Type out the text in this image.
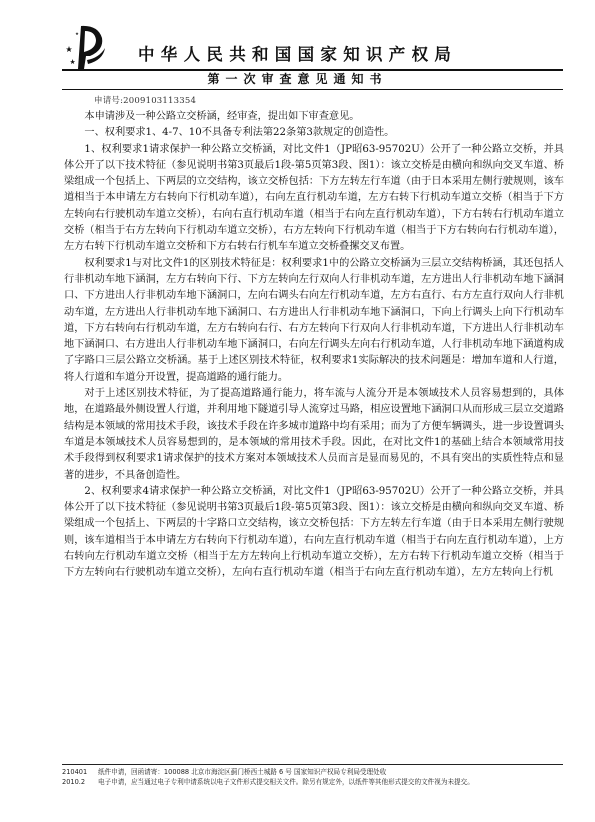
中华人民共和国国家知识产权局
第一次审查意见通知书
申请号:2009103113354

本申请涉及一种公路立交桥涵，经审查，提出如下审查意见。

一、权利要求1、4-7、10不具备专利法第22条第3款规定的创造性。

1、权利要求1请求保护一种公路立交桥涵，对比文件1（JP昭63-95702U）公开了一种公路立交桥，并具体公开了以下技术特征（参见说明书第3页最后1段-第5页第3段、图1）：该立交桥是由横向和纵向交叉车道、桥梁组成一个包括上、下两层的立交结构，该立交桥包括：下方左转左行车道（由于日本采用左侧行驶规则，该车道相当于本申请左方右转向下行机动车道），右向左直行机动车道，左方右转下行机动车道立交桥（相当于下方左转向右行驶机动车道立交桥），右向右直行机动车道（相当于右向左直行机动车道），下方右转右行机动车道立交桥（相当于右方左转向下行机动车道立交桥），右方左转向下行机动车道（相当于下方右转向右行机动车道），左方右转下行机动车道立交桥和下方右转右行机车车道立交桥叠摞交叉布置。

权利要求1与对比文件1的区别技术特征是：权利要求1中的公路立交桥涵为三层立交结构桥涵，其还包括人行非机动车地下涵洞，左方右转向下行、下方左转向左行双向人行非机动车道，左方进出人行非机动车地下涵洞口、下方进出人行非机动车地下涵洞口，左向右调头右向左行机动车道，左方右直行、右方左直行双向人行非机动车道，左方进出人行非机动车地下涵洞口、右方进出人行非机动车地下涵洞口，下向上行调头上向下行机动车道，下方右转向右行机动车道，左方右转向右行、右方左转向下行双向人行非机动车道，下方进出人行非机动车地下涵洞口、右方进出人行非机动车地下涵洞口，右向左行调头左向右行机动车道，人行非机动车地下涵道构成了字路口三层公路立交桥涵。基于上述区别技术特征，权利要求1实际解决的技术问题是：增加车道和人行道，将人行道和车道分开设置，提高道路的通行能力。

对于上述区别技术特征，为了提高道路通行能力，将车流与人流分开是本领域技术人员容易想到的，具体地，在道路最外侧设置人行道，并利用地下隧道引导人流穿过马路，相应设置地下涵洞口从而形成三层立交道路结构是本领域的常用技术手段，该技术手段在许多城市道路中均有采用；而为了方便车辆调头，进一步设置调头车道是本领域技术人员容易想到的，是本领域的常用技术手段。因此，在对比文件1的基础上结合本领域常用技术手段得到权利要求1请求保护的技术方案对本领域技术人员而言是显而易见的，不具有突出的实质性特点和显著的进步，不具备创造性。

2、权利要求4请求保护一种公路立交桥涵，对比文件1（JP昭63-95702U）公开了一种公路立交桥，并具体公开了以下技术特征（参见说明书第3页最后1段-第5页第3段、图1）：该立交桥是由横向和纵向交叉车道、桥梁组成一个包括上、下两层的十字路口立交结构，该立交桥包括：下方左转左行车道（由于日本采用左侧行驶规则，该车道相当于本申请左方右转向下行机动车道），右向左直行机动车道（相当于右向左直行机动车道），上方右转向左行机动车道立交桥（相当于左方左转向上行机动车道立交桥），左方右转下行机动车道立交桥（相当于下方左转向右行驶机动车道立交桥），左向右直行机动车道（相当于右向左直行机动车道），左方左转向上行机

210401	纸件申请，回函请寄：100088 北京市海淀区蓟门桥西土城路 6 号 国家知识产权局专利局受理处收
2010.2	电子申请，应当通过电子专利申请系统以电子文件形式提交相关文件。除另有规定外，以纸件等其他形式提交的文件视为未提交。
